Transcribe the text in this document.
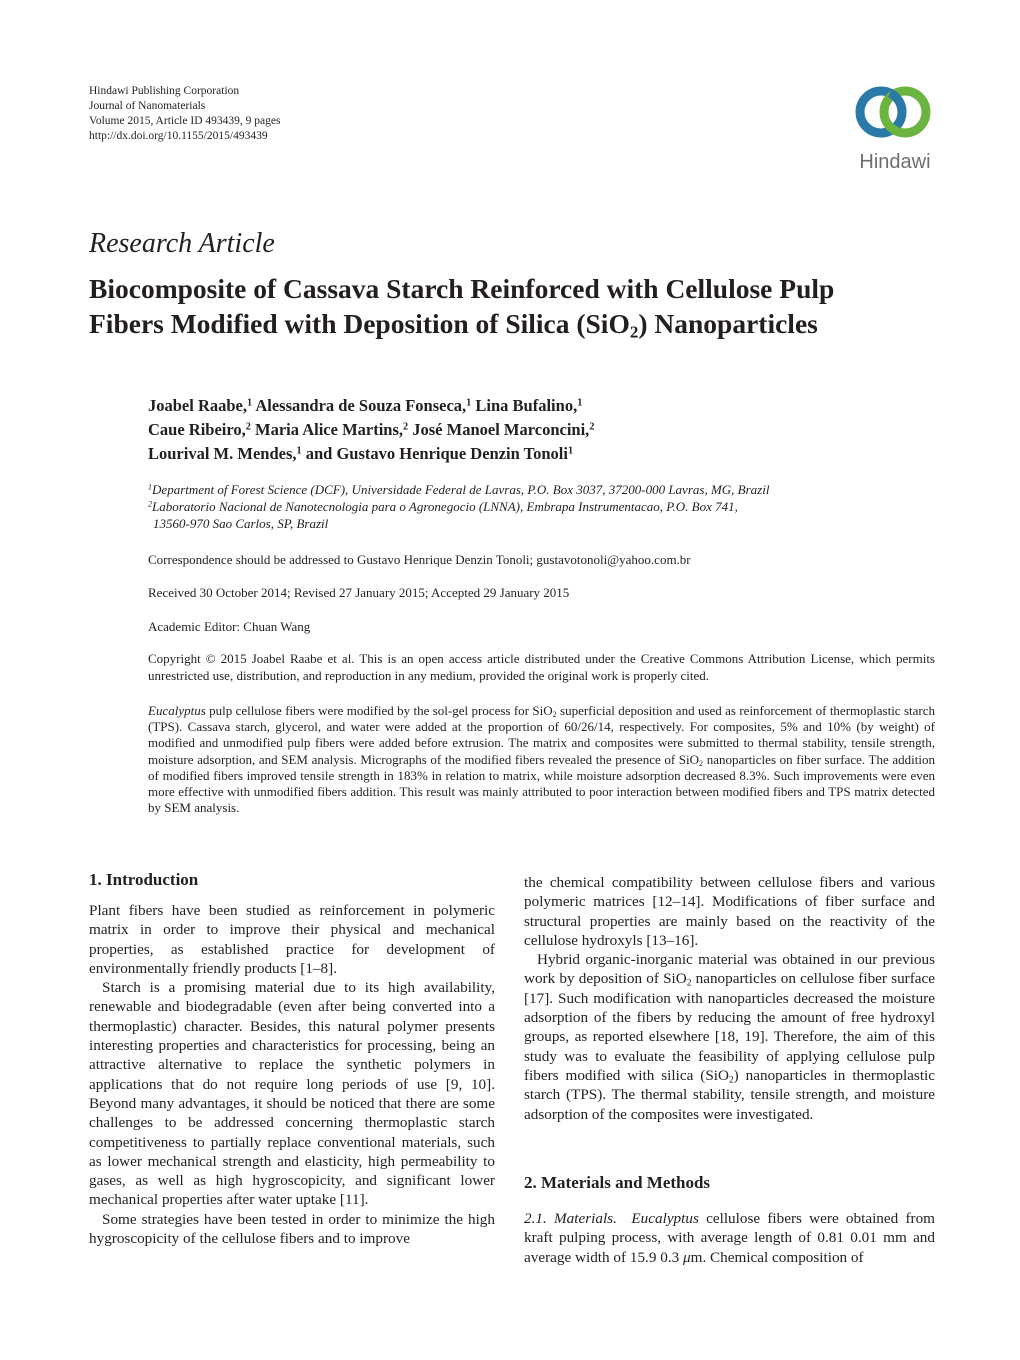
Hindawi Publishing Corporation
Journal of Nanomaterials
Volume 2015, Article ID 493439, 9 pages
http://dx.doi.org/10.1155/2015/493439
Hindawi
Research Article
Biocomposite of Cassava Starch Reinforced with Cellulose Pulp
Fibers Modified with Deposition of Silica (SiO$_2$) Nanoparticles
Joabel Raabe,$^1$ Alessandra de Souza Fonseca,$^1$ Lina Bufalino,$^1$
Caue Ribeiro,$^2$ Maria Alice Martins,$^2$ José Manoel Marconcini,$^2$
Lourival M. Mendes,$^1$ and Gustavo Henrique Denzin Tonoli$^1$
$^1$Department of Forest Science (DCF), Universidade Federal de Lavras, P.O. Box 3037, 37200-000 Lavras, MG, Brazil
$^2$Laboratorio Nacional de Nanotecnologia para o Agronegocio (LNNA), Embrapa Instrumentacao, P.O. Box 741,
13560-970 Sao Carlos, SP, Brazil
Correspondence should be addressed to Gustavo Henrique Denzin Tonoli; gustavotonoli@yahoo.com.br
Received 30 October 2014; Revised 27 January 2015; Accepted 29 January 2015
Academic Editor: Chuan Wang
Copyright © 2015 Joabel Raabe et al. This is an open access article distributed under the Creative Commons Attribution License, which permits unrestricted use, distribution, and reproduction in any medium, provided the original work is properly cited.
Eucalyptus pulp cellulose fibers were modified by the sol-gel process for SiO$_2$ superficial deposition and used as reinforcement of thermoplastic starch (TPS). Cassava starch, glycerol, and water were added at the proportion of 60/26/14, respectively. For composites, 5% and 10% (by weight) of modified and unmodified pulp fibers were added before extrusion. The matrix and composites were submitted to thermal stability, tensile strength, moisture adsorption, and SEM analysis. Micrographs of the modified fibers revealed the presence of SiO$_2$ nanoparticles on fiber surface. The addition of modified fibers improved tensile strength in 183% in relation to matrix, while moisture adsorption decreased 8.3%. Such improvements were even more effective with unmodified fibers addition. This result was mainly attributed to poor interaction between modified fibers and TPS matrix detected by SEM analysis.
1. Introduction

Plant fibers have been studied as reinforcement in polymeric matrix in order to improve their physical and mechanical properties, as established practice for development of environmentally friendly products [1–8].

Starch is a promising material due to its high availability, renewable and biodegradable (even after being converted into a thermoplastic) character. Besides, this natural polymer presents interesting properties and characteristics for processing, being an attractive alternative to replace the synthetic polymers in applications that do not require long periods of use [9, 10]. Beyond many advantages, it should be noticed that there are some challenges to be addressed concerning thermoplastic starch competitiveness to partially replace conventional materials, such as lower mechanical strength and elasticity, high permeability to gases, as well as high hygroscopicity, and significant lower mechanical properties after water uptake [11].

Some strategies have been tested in order to minimize the high hygroscopicity of the cellulose fibers and to improve

the chemical compatibility between cellulose fibers and various polymeric matrices [12–14]. Modifications of fiber surface and structural properties are mainly based on the reactivity of the cellulose hydroxyls [13–16].

Hybrid organic-inorganic material was obtained in our previous work by deposition of SiO$_2$ nanoparticles on cellulose fiber surface [17]. Such modification with nanoparticles decreased the moisture adsorption of the fibers by reducing the amount of free hydroxyl groups, as reported elsewhere [18, 19]. Therefore, the aim of this study was to evaluate the feasibility of applying cellulose pulp fibers modified with silica (SiO$_2$) nanoparticles in thermoplastic starch (TPS). The thermal stability, tensile strength, and moisture adsorption of the composites were investigated.

2. Materials and Methods

2.1. Materials. Eucalyptus cellulose fibers were obtained from kraft pulping process, with average length of 0.81 0.01 mm and average width of 15.9 0.3 μm. Chemical composition of
